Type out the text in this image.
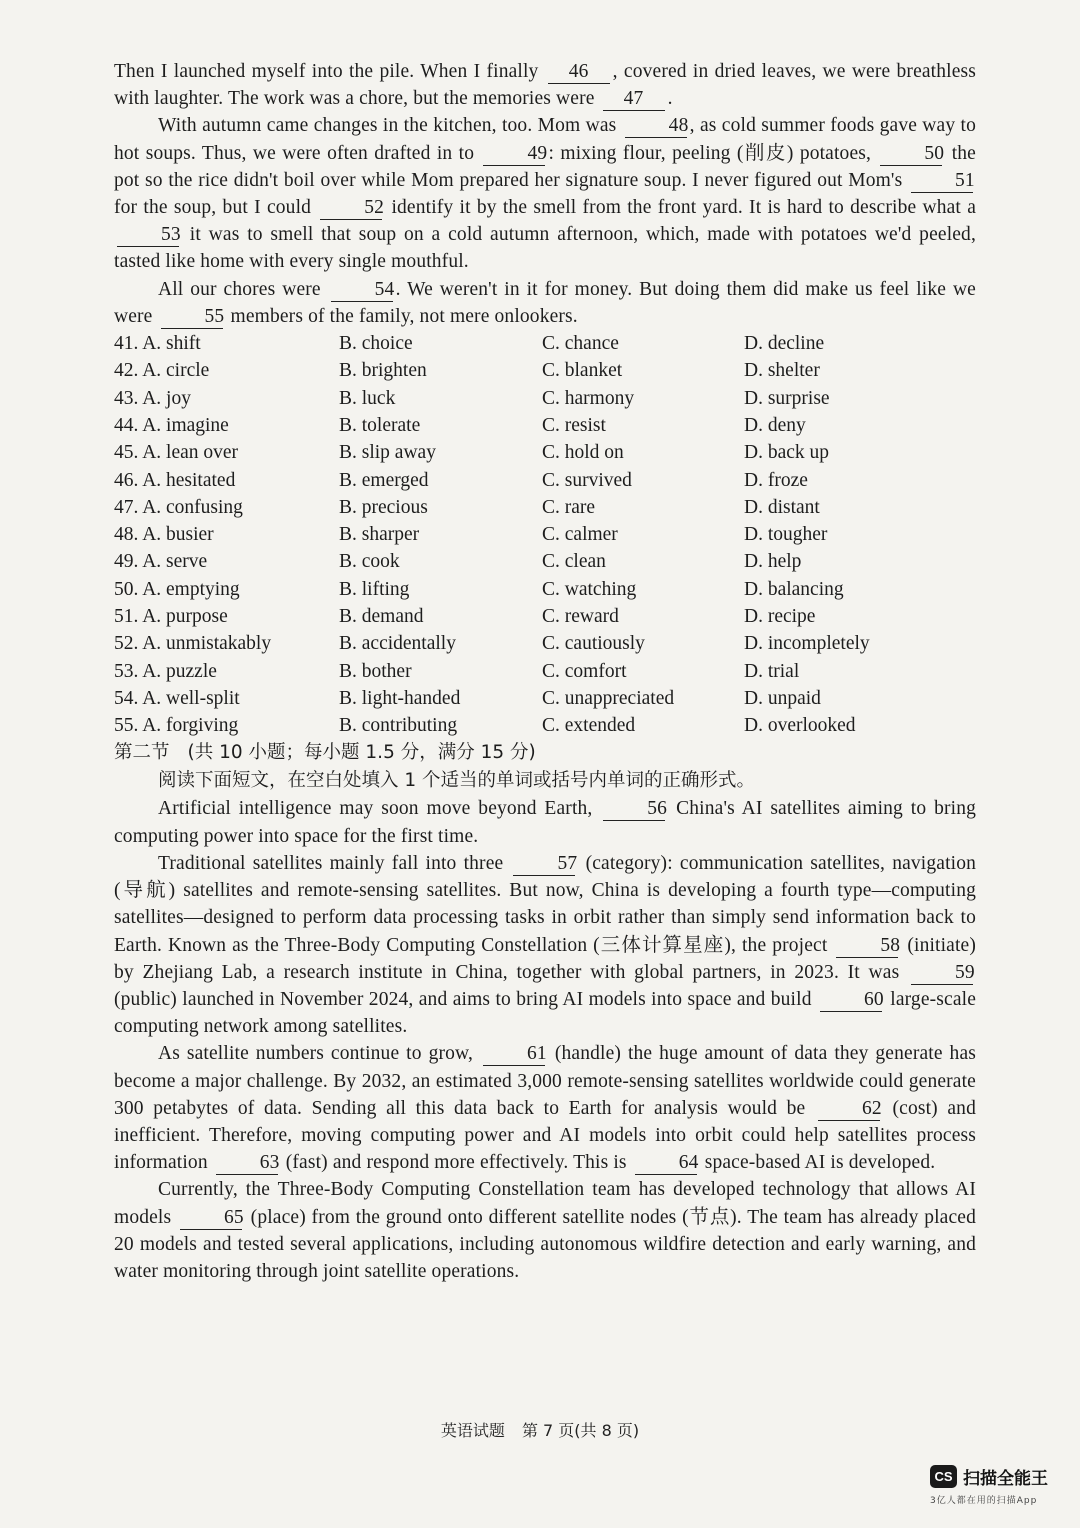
Then I launched myself into the pile. When I finally 46 , covered in dried leaves, we were breathless with laughter. The work was a chore, but the memories were 47 .

With autumn came changes in the kitchen, too. Mom was 48, as cold summer foods gave way to hot soups. Thus, we were often drafted in to 49: mixing flour, peeling (削皮) potatoes, 50 the pot so the rice didn't boil over while Mom prepared her signature soup. I never figured out Mom's 51 for the soup, but I could 52 identify it by the smell from the front yard. It is hard to describe what a 53 it was to smell that soup on a cold autumn afternoon, which, made with potatoes we'd peeled, tasted like home with every single mouthful.

All our chores were 54. We weren't in it for money. But doing them did make us feel like we were 55 members of the family, not mere onlookers.

41. A. shift	B. choice	C. chance	D. decline
42. A. circle	B. brighten	C. blanket	D. shelter
43. A. joy	B. luck	C. harmony	D. surprise
44. A. imagine	B. tolerate	C. resist	D. deny
45. A. lean over	B. slip away	C. hold on	D. back up
46. A. hesitated	B. emerged	C. survived	D. froze
47. A. confusing	B. precious	C. rare	D. distant
48. A. busier	B. sharper	C. calmer	D. tougher
49. A. serve	B. cook	C. clean	D. help
50. A. emptying	B. lifting	C. watching	D. balancing
51. A. purpose	B. demand	C. reward	D. recipe
52. A. unmistakably	B. accidentally	C. cautiously	D. incompletely
53. A. puzzle	B. bother	C. comfort	D. trial
54. A. well-split	B. light-handed	C. unappreciated	D. unpaid
55. A. forgiving	B. contributing	C. extended	D. overlooked
第二节 (共 10 小题；每小题 1.5 分，满分 15 分)
阅读下面短文，在空白处填入 1 个适当的单词或括号内单词的正确形式。

Artificial intelligence may soon move beyond Earth, 56 China's AI satellites aiming to bring computing power into space for the first time.

Traditional satellites mainly fall into three 57 (category): communication satellites, navigation (导航) satellites and remote-sensing satellites. But now, China is developing a fourth type—computing satellites—designed to perform data processing tasks in orbit rather than simply send information back to Earth. Known as the Three-Body Computing Constellation (三体计算星座), the project 58 (initiate) by Zhejiang Lab, a research institute in China, together with global partners, in 2023. It was 59 (public) launched in November 2024, and aims to bring AI models into space and build 60 large-scale computing network among satellites.

As satellite numbers continue to grow, 61 (handle) the huge amount of data they generate has become a major challenge. By 2032, an estimated 3,000 remote-sensing satellites worldwide could generate 300 petabytes of data. Sending all this data back to Earth for analysis would be 62 (cost) and inefficient. Therefore, moving computing power and AI models into orbit could help satellites process information 63 (fast) and respond more effectively. This is 64 space-based AI is developed.

Currently, the Three-Body Computing Constellation team has developed technology that allows AI models 65 (place) from the ground onto different satellite nodes (节点). The team has already placed 20 models and tested several applications, including autonomous wildfire detection and early warning, and water monitoring through joint satellite operations.

英语试题 第 7 页(共 8 页)
CS 扫描全能王
3亿人都在用的扫描App
